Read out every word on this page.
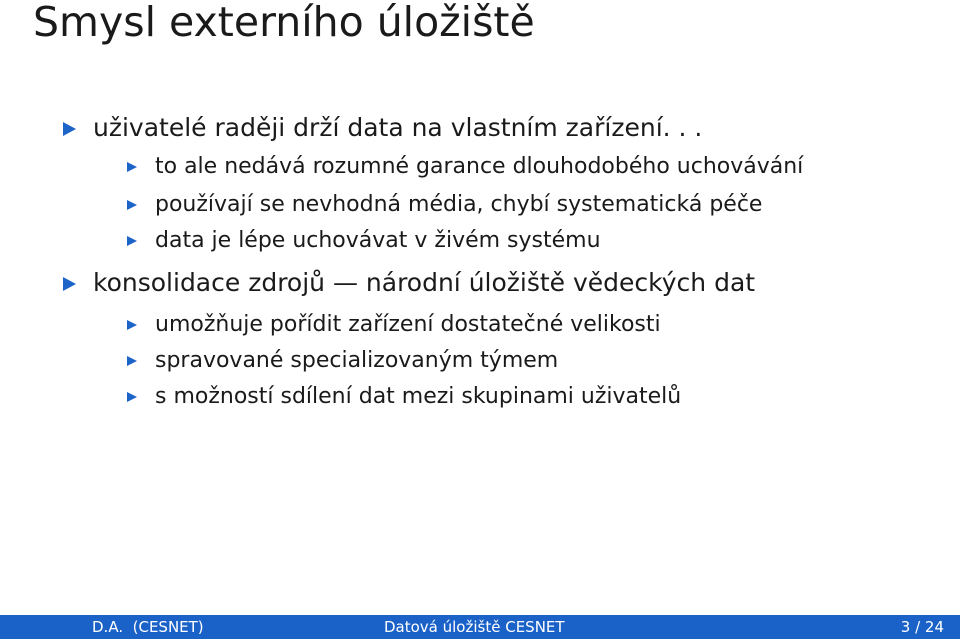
Smysl externího úložiště
uživatelé raději drží data na vlastním zařízení. . .
to ale nedává rozumné garance dlouhodobého uchovávání
používají se nevhodná média, chybí systematická péče
data je lépe uchovávat v živém systému
konsolidace zdrojů — národní úložiště vědeckých dat
umožňuje pořídit zařízení dostatečné velikosti
spravované specializovaným týmem
s možností sdílení dat mezi skupinami uživatelů
D.A.  (CESNET)	Datová úložiště CESNET	3 / 24
